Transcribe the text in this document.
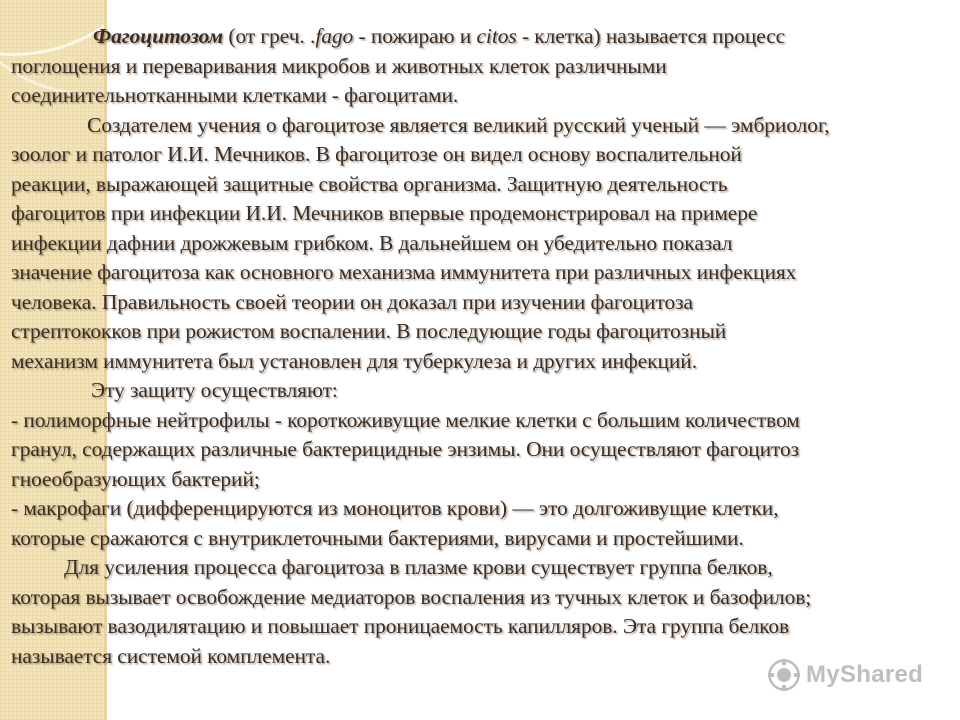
Фагоцитозом (от греч. .fago - пожираю и citos - клетка) называется процесс
поглощения и переваривания микробов и животных клеток различными
соединительнотканными клетками - фагоцитами.
Создателем учения о фагоцитозе является великий русский ученый — эмбриолог,
зоолог и патолог И.И. Мечников. В фагоцитозе он видел основу воспалительной
реакции, выражающей защитные свойства организма. Защитную деятельность
фагоцитов при инфекции И.И. Мечников впервые продемонстрировал на примере
инфекции дафнии дрожжевым грибком. В дальнейшем он убедительно показал
значение фагоцитоза как основного механизма иммунитета при различных инфекциях
человека. Правильность своей теории он доказал при изучении фагоцитоза
стрептококков при рожистом воспалении. В последующие годы фагоцитозный
механизм иммунитета был установлен для туберкулеза и других инфекций.
Эту защиту осуществляют:
- полиморфные нейтрофилы - короткоживущие мелкие клетки с большим количеством
гранул, содержащих различные бактерицидные энзимы. Они осуществляют фагоцитоз
гноеобразующих бактерий;
- макрофаги (дифференцируются из моноцитов крови) — это долгоживущие клетки,
которые сражаются с внутриклеточными бактериями, вирусами и простейшими.
Для усиления процесса фагоцитоза в плазме крови существует группа белков,
которая вызывает освобождение медиаторов воспаления из тучных клеток и базофилов;
вызывают вазодилятацию и повышает проницаемость капилляров. Эта группа белков
называется системой комплемента.
MyShared
